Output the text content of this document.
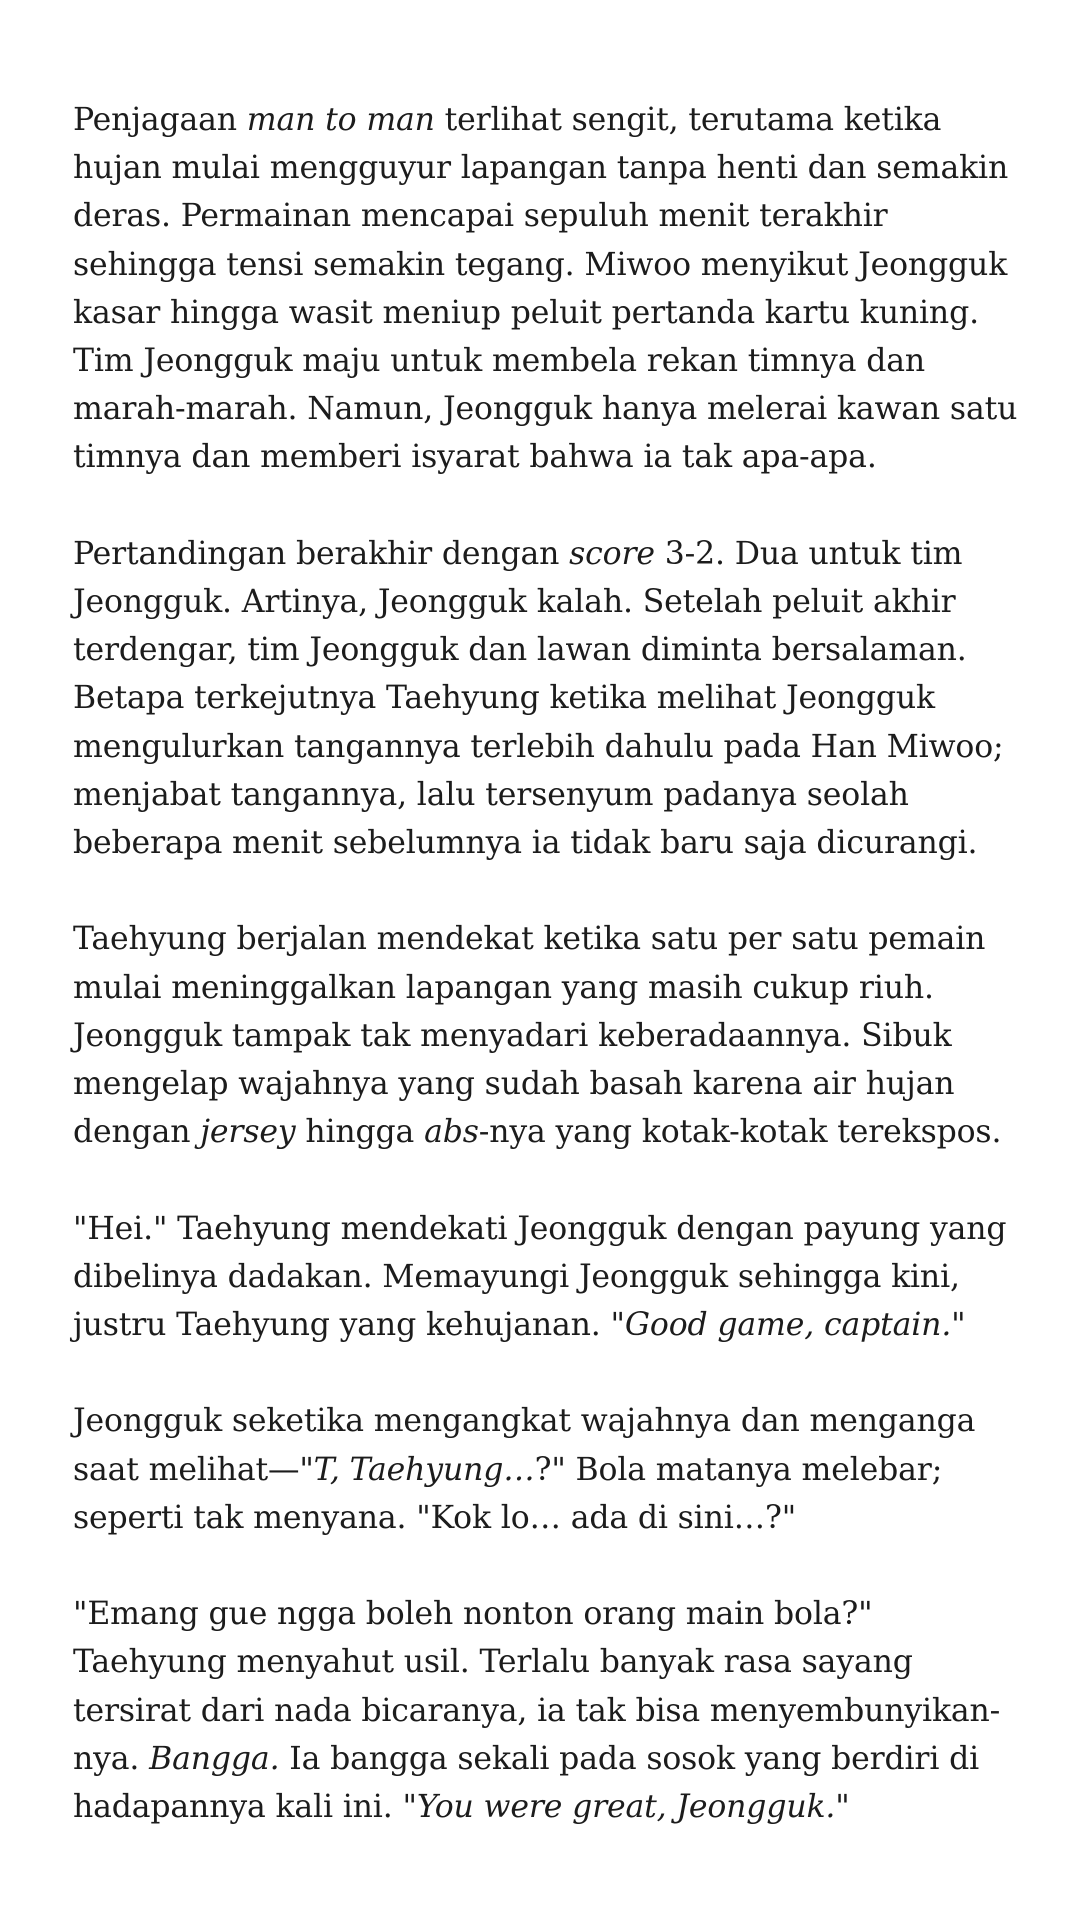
Penjagaan man to man terlihat sengit, terutama ketika
hujan mulai mengguyur lapangan tanpa henti dan semakin
deras. Permainan mencapai sepuluh menit terakhir
sehingga tensi semakin tegang. Miwoo menyikut Jeongguk
kasar hingga wasit meniup peluit pertanda kartu kuning.
Tim Jeongguk maju untuk membela rekan timnya dan
marah-marah. Namun, Jeongguk hanya melerai kawan satu
timnya dan memberi isyarat bahwa ia tak apa-apa.

Pertandingan berakhir dengan score 3-2. Dua untuk tim
Jeongguk. Artinya, Jeongguk kalah. Setelah peluit akhir
terdengar, tim Jeongguk dan lawan diminta bersalaman.
Betapa terkejutnya Taehyung ketika melihat Jeongguk
mengulurkan tangannya terlebih dahulu pada Han Miwoo;
menjabat tangannya, lalu tersenyum padanya seolah
beberapa menit sebelumnya ia tidak baru saja dicurangi.

Taehyung berjalan mendekat ketika satu per satu pemain
mulai meninggalkan lapangan yang masih cukup riuh.
Jeongguk tampak tak menyadari keberadaannya. Sibuk
mengelap wajahnya yang sudah basah karena air hujan
dengan jersey hingga abs-nya yang kotak-kotak terekspos.

"Hei." Taehyung mendekati Jeongguk dengan payung yang
dibelinya dadakan. Memayungi Jeongguk sehingga kini,
justru Taehyung yang kehujanan. "Good game, captain."

Jeongguk seketika mengangkat wajahnya dan menganga
saat melihat—"T, Taehyung…?" Bola matanya melebar;
seperti tak menyana. "Kok lo… ada di sini…?"

"Emang gue ngga boleh nonton orang main bola?"
Taehyung menyahut usil. Terlalu banyak rasa sayang
tersirat dari nada bicaranya, ia tak bisa menyembunyikan-
nya. Bangga. Ia bangga sekali pada sosok yang berdiri di
hadapannya kali ini. "You were great, Jeongguk."
